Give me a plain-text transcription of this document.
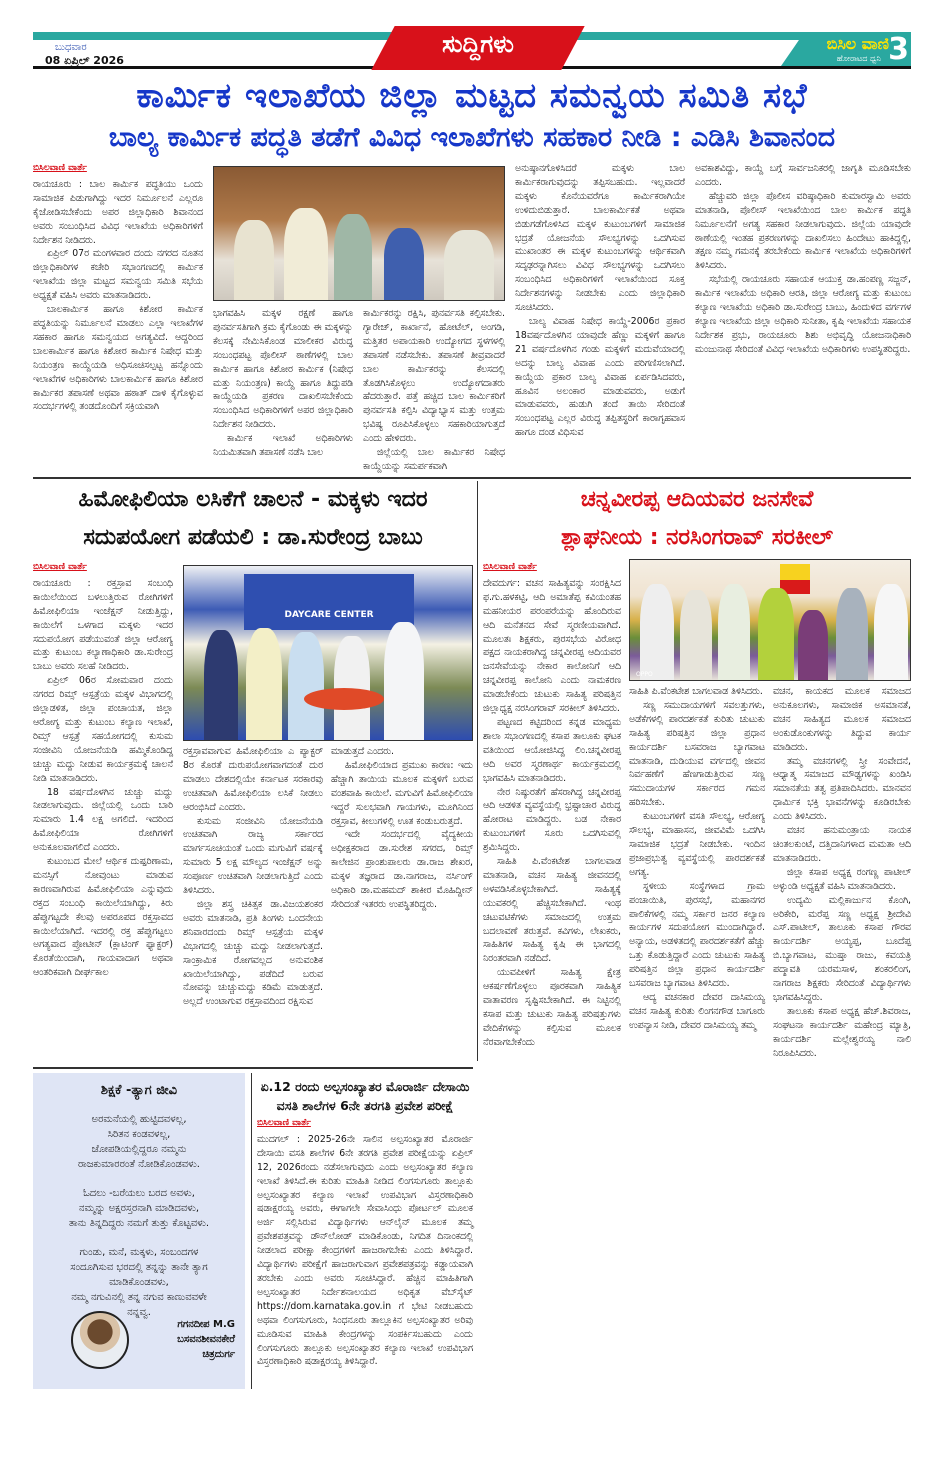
ಬುಧವಾರ
08 ಏಪ್ರಿಲ್ 2026
ಸುದ್ದಿಗಳು	ಬಿಸಿಲ ವಾಣಿ
ಹೋರಾಟದ ಧ್ವನಿ 3
ಕಾರ್ಮಿಕ ಇಲಾಖೆಯ ಜಿಲ್ಲಾ ಮಟ್ಟದ ಸಮನ್ವಯ ಸಮಿತಿ ಸಭೆ
ಬಾಲ್ಯ ಕಾರ್ಮಿಕ ಪದ್ಧತಿ ತಡೆಗೆ ವಿವಿಧ ಇಲಾಖೆಗಳು ಸಹಕಾರ ನೀಡಿ : ಎಡಿಸಿ ಶಿವಾನಂದ
ಬಿಸಿಲವಾಣಿ ವಾರ್ತೆ

ರಾಯಚೂರು : ಬಾಲ ಕಾರ್ಮಿಕ ಪದ್ಧತಿಯು ಒಂದು ಸಾಮಾಜಿಕ ಪಿಡುಗಾಗಿದ್ದು ಇದರ ನಿರ್ಮೂಲನೆ ಎಲ್ಲರೂ ಕೈಜೋಡಿಸಬೇಕೆಂದು ಅಪರ ಜಿಲ್ಲಾಧಿಕಾರಿ ಶಿವಾನಂದ ಅವರು ಸಂಬಂಧಿಸಿದ ವಿವಿಧ ಇಲಾಖೆಯ ಅಧಿಕಾರಿಗಳಿಗೆ ನಿರ್ದೇಶನ ನೀಡಿದರು.

ಏಪ್ರಿಲ್ 07ರ ಮಂಗಳವಾರ ದಂದು ನಗರದ ನೂತನ ಜಿಲ್ಲಾಧಿಕಾರಿಗಳ ಕಚೇರಿ ಸಭಾಂಗಣದಲ್ಲಿ ಕಾರ್ಮಿಕ ಇಲಾಖೆಯ ಜಿಲ್ಲಾ ಮಟ್ಟದ ಸಮನ್ವಯ ಸಮಿತಿ ಸಭೆಯ ಅಧ್ಯಕ್ಷತೆ ವಹಿಸಿ ಅವರು ಮಾತನಾಡಿದರು.

ಬಾಲಕಾರ್ಮಿಕ ಹಾಗೂ ಕಿಶೋರ ಕಾರ್ಮಿಕ ಪದ್ಧತಿಯನ್ನು ನಿರ್ಮೂಲನೆ ಮಾಡಲು ಎಲ್ಲಾ ಇಲಾಖೆಗಳ ಸಹಕಾರ ಹಾಗೂ ಸಮನ್ವಯದ ಅಗತ್ಯವಿದೆ. ಆದ್ದರಿಂದ ಬಾಲಕಾರ್ಮಿಕ ಹಾಗೂ ಕಿಶೋರ ಕಾರ್ಮಿಕ ನಿಷೇಧ ಮತ್ತು ನಿಯಂತ್ರಣ ಕಾಯ್ದೆಯಡಿ ಅಧಿಸೂಚಿಸಲ್ಪಟ್ಟ ಹನ್ನೊಂದು ಇಲಾಖೆಗಳ ಅಧಿಕಾರಿಗಳು ಬಾಲಕಾರ್ಮಿಕ ಹಾಗೂ ಕಿಶೋರ ಕಾರ್ಮಿಕರ ತಪಾಸಣೆ ಅಥವಾ ಹಠಾತ್ ದಾಳಿ ಕೈಗೊಳ್ಳುವ ಸಂದರ್ಭಗಳಲ್ಲಿ ತಂಡದೊಂದಿಗೆ ಸಕ್ರಿಯವಾಗಿ

ಭಾಗವಹಿಸಿ ಮಕ್ಕಳ ರಕ್ಷಣೆ ಹಾಗೂ ಪುನರ್ವಸತಿಗಾಗಿ ಕ್ರಮ ಕೈಗೊಂಡು ಈ ಮಕ್ಕಳನ್ನು ಕೆಲಸಕ್ಕೆ ನೇಮಿಸಿಕೊಂಡ ಮಾಲೀಕರ ವಿರುದ್ಧ ಸಂಬಂಧಪಟ್ಟ ಪೊಲೀಸ್ ಠಾಣೆಗಳಲ್ಲಿ ಬಾಲ ಕಾರ್ಮಿಕ ಹಾಗೂ ಕಿಶೋರ ಕಾರ್ಮಿಕ (ನಿಷೇಧ ಮತ್ತು ನಿಯಂತ್ರಣ) ಕಾಯ್ದೆ ಹಾಗೂ ತಿದ್ದುಪಡಿ ಕಾಯ್ದೆಯಡಿ ಪ್ರಕರಣ ದಾಖಲಿಸಬೇಕೆಂದು ಸಂಬಂಧಿಸಿದ ಅಧಿಕಾರಿಗಳಿಗೆ ಅಪರ ಜಿಲ್ಲಾಧಿಕಾರಿ ನಿರ್ದೇಶನ ನೀಡಿದರು.

ಕಾರ್ಮಿಕ ಇಲಾಖೆ ಅಧಿಕಾರಿಗಳು ನಿಯಮಿತವಾಗಿ ತಪಾಸಣೆ ನಡೆಸಿ ಬಾಲ

ಕಾರ್ಮಿಕರನ್ನು ರಕ್ಷಿಸಿ, ಪುನರ್ವಸತಿ ಕಲ್ಪಿಸಬೇಕು. ಗ್ಯಾರೇಜ್, ಕಾರ್ಖಾನೆ, ಹೋಟೆಲ್, ಅಂಗಡಿ, ಮತ್ತಿತರ ಅಪಾಯಕಾರಿ ಉದ್ಯೋಗದ ಸ್ಥಳಗಳಲ್ಲಿ ತಪಾಸಣೆ ನಡೆಸಬೇಕು. ತಪಾಸಣೆ ತೀವ್ರವಾದರೆ ಬಾಲ ಕಾರ್ಮಿಕರನ್ನು ಕೆಲಸದಲ್ಲಿ ತೊಡಗಿಸಿಕೊಳ್ಳಲು ಉದ್ಯೋಗದಾತರು ಹೆದರುತ್ತಾರೆ. ಪತ್ತೆ ಹಚ್ಚಿದ ಬಾಲ ಕಾರ್ಮಿಕರಿಗೆ ಪುನರ್ವಸತಿ ಕಲ್ಪಿಸಿ ವಿದ್ಯಾಭ್ಯಾಸ ಮತ್ತು ಉತ್ತಮ ಭವಿಷ್ಯ ರೂಪಿಸಿಕೊಳ್ಳಲು ಸಹಕಾರಿಯಾಗುತ್ತದೆ ಎಂದು ಹೇಳಿದರು.

ಜಿಲ್ಲೆಯಲ್ಲಿ ಬಾಲ ಕಾರ್ಮಿಕರ ನಿಷೇಧ ಕಾಯ್ದೆಯನ್ನು ಸಮರ್ಪಕವಾಗಿ

ಅನುಷ್ಠಾನಗೊಳಿಸಿದರೆ ಮಕ್ಕಳು ಬಾಲ ಕಾರ್ಮಿಕರಾಗುವುದನ್ನು ತಪ್ಪಿಸಬಹುದು. ಇಲ್ಲವಾದರೆ ಮಕ್ಕಳು ಕೊನೆಯವರೆಗೂ ಕಾರ್ಮಿಕರಾಗಿಯೇ ಉಳಿದುಬಿಡುತ್ತಾರೆ. ಬಾಲಕಾರ್ಮಿಕತೆ ಅಥವಾ ಬಿಡುಗಡೆಗೊಳಿಸಿದ ಮಕ್ಕಳ ಕುಟುಂಬಗಳಿಗೆ ಸಾಮಾಜಿಕ ಭದ್ರತೆ ಯೋಜನೆಯ ಸೌಲಭ್ಯಗಳನ್ನು ಒದಗಿಸುವ ಮುಖಾಂತರ ಈ ಮಕ್ಕಳ ಕುಟುಂಬಗಳನ್ನು ಆರ್ಥಿಕವಾಗಿ ಸದೃಢರನ್ನಾಗಿಸಲು ವಿವಿಧ ಸೌಲಭ್ಯಗಳನ್ನು ಒದಗಿಸಲು ಸಂಬಂಧಿಸಿದ ಅಧಿಕಾರಿಗಳಿಗೆ ಇಲಾಖೆಯಿಂದ ಸೂಕ್ತ ನಿರ್ದೇಶನಗಳನ್ನು ನೀಡಬೇಕು ಎಂದು ಜಿಲ್ಲಾಧಿಕಾರಿ ಸೂಚಿಸಿದರು.

ಬಾಲ್ಯ ವಿವಾಹ ನಿಷೇಧ ಕಾಯ್ದೆ-2006ರ ಪ್ರಕಾರ 18ವರ್ಷದೊಳಗಿನ ಯಾವುದೇ ಹೆಣ್ಣು ಮಕ್ಕಳಿಗೆ ಹಾಗೂ 21 ವರ್ಷದೊಳಗಿನ ಗಂಡು ಮಕ್ಕಳಿಗೆ ಮದುವೆಯಾದಲ್ಲಿ ಅದನ್ನು ಬಾಲ್ಯ ವಿವಾಹ ಎಂದು ಪರಿಗಣಿಸಲಾಗಿದೆ. ಕಾಯ್ದೆಯ ಪ್ರಕಾರ ಬಾಲ್ಯ ವಿವಾಹ ಏರ್ಪಡಿಸಿದವರು, ಹೂವಿನ ಅಲಂಕಾರ ಮಾಡುವವರು, ಅಡುಗೆ ಮಾಡುವವರು, ಹುಡುಗಿ ತಂದೆ ತಾಯಿ ಸೇರಿದಂತೆ ಸಂಬಂಧಪಟ್ಟ ಎಲ್ಲರ ವಿರುದ್ಧ ತಪ್ಪಿತಸ್ಥರಿಗೆ ಕಾರಾಗೃಹವಾಸ ಹಾಗೂ ದಂಡ ವಿಧಿಸುವ

ಅವಕಾಶವಿದ್ದು, ಕಾಯ್ದೆ ಬಗ್ಗೆ ಸಾರ್ವಜನಿಕರಲ್ಲಿ ಜಾಗೃತಿ ಮೂಡಿಸಬೇಕು ಎಂದರು.

ಹೆಚ್ಚುವರಿ ಜಿಲ್ಲಾ ಪೊಲೀಸ ವರಿಷ್ಠಾಧಿಕಾರಿ ಕುಮಾರಸ್ವಾಮಿ ಅವರು ಮಾತನಾಡಿ, ಪೊಲೀಸ್ ಇಲಾಖೆಯಿಂದ ಬಾಲ ಕಾರ್ಮಿಕ ಪದ್ಧತಿ ನಿರ್ಮೂಲನೆಗೆ ಅಗತ್ಯ ಸಹಕಾರ ನೀಡಲಾಗುವುದು. ಜಿಲ್ಲೆಯ ಯಾವುದೇ ಠಾಣೆಯಲ್ಲಿ ಇಂತಹ ಪ್ರಕರಣಗಳನ್ನು ದಾಖಲಿಸಲು ಹಿಂದೇಟು ಹಾಕಿದ್ದಲ್ಲಿ, ತಕ್ಷಣ ನಮ್ಮ ಗಮನಕ್ಕೆ ತರಬೇಕೆಂದು ಕಾರ್ಮಿಕ ಇಲಾಖೆಯ ಅಧಿಕಾರಿಗಳಿಗೆ ತಿಳಿಸಿದರು.

ಸಭೆಯಲ್ಲಿ ರಾಯಚೂರು ಸಹಾಯಕ ಆಯುಕ್ತ ಡಾ.ಹಂಪಣ್ಣ ಸಜ್ಜನ್, ಕಾರ್ಮಿಕ ಇಲಾಖೆಯ ಅಧಿಕಾರಿ ಆರತಿ, ಜಿಲ್ಲಾ ಆರೋಗ್ಯ ಮತ್ತು ಕುಟುಂಬ ಕಲ್ಯಾಣ ಇಲಾಖೆಯ ಅಧಿಕಾರಿ ಡಾ.ಸುರೇಂದ್ರ ಬಾಬು, ಹಿಂದುಳಿದ ವರ್ಗಗಳ ಕಲ್ಯಾಣ ಇಲಾಖೆಯ ಜಿಲ್ಲಾ ಅಧಿಕಾರಿ ಸುನೀತಾ, ಕೃಷಿ ಇಲಾಖೆಯ ಸಹಾಯಕ ನಿರ್ದೇಶಕ ಪ್ರಭು, ರಾಯಚೂರು ಶಿಶು ಅಭಿವೃದ್ಧಿ ಯೋಜನಾಧಿಕಾರಿ ಮಂಜುನಾಥ ಸೇರಿದಂತೆ ವಿವಿಧ ಇಲಾಖೆಯ ಅಧಿಕಾರಿಗಳು ಉಪಸ್ಥಿತರಿದ್ದರು.

ಹಿಮೋಫಿಲಿಯಾ ಲಸಿಕೆಗೆ ಚಾಲನೆ - ಮಕ್ಕಳು ಇದರ
ಸದುಪಯೋಗ ಪಡೆಯಲಿ : ಡಾ.ಸುರೇಂದ್ರ ಬಾಬು
ಬಿಸಿಲವಾಣಿ ವಾರ್ತೆ

ರಾಯಚೂರು : ರಕ್ತಸ್ರಾವ ಸಂಬಂಧಿ ಕಾಯಿಲೆಯಿಂದ ಬಳಲುತ್ತಿರುವ ರೋಗಿಗಳಿಗೆ ಹಿಮೋಫಿಲಿಯಾ ಇಂಜೆಕ್ಷನ್ ನೀಡುತ್ತಿದ್ದು, ಕಾಯಿಲೆಗೆ ಒಳಗಾದ ಮಕ್ಕಳು ಇದರ ಸದುಪಯೋಗ ಪಡೆಯುವಂತೆ ಜಿಲ್ಲಾ ಆರೋಗ್ಯ ಮತ್ತು ಕುಟುಂಬ ಕಲ್ಯಾಣಾಧಿಕಾರಿ ಡಾ.ಸುರೇಂದ್ರ ಬಾಬು ಅವರು ಸಲಹೆ ನೀಡಿದರು.

ಏಪ್ರಿಲ್ 06ರ ಸೋಮವಾರ ದಂದು ನಗರದ ರಿಮ್ಸ್ ಆಸ್ಪತ್ರೆಯ ಮಕ್ಕಳ ವಿಭಾಗದಲ್ಲಿ ಜಿಲ್ಲಾಡಳಿತ, ಜಿಲ್ಲಾ ಪಂಚಾಯತ, ಜಿಲ್ಲಾ ಆರೋಗ್ಯ ಮತ್ತು ಕುಟುಂಬ ಕಲ್ಯಾಣ ಇಲಾಖೆ, ರಿಮ್ಸ್ ಆಸ್ಪತ್ರೆ ಸಹಯೋಗದಲ್ಲಿ ಕುಸುಮ ಸಂಜೀವಿನಿ ಯೋಜನೆಯಡಿ ಹಮ್ಮಿಕೊಂಡಿದ್ದ ಚುಚ್ಚು ಮದ್ದು ನೀಡುವ ಕಾರ್ಯಕ್ರಮಕ್ಕೆ ಚಾಲನೆ ನೀಡಿ ಮಾತನಾಡಿದರು.

18 ವರ್ಷದೊಳಗಿನ ಚುಚ್ಚು ಮದ್ದು ನೀಡಲಾಗುವುದು. ಜಿಲ್ಲೆಯಲ್ಲಿ ಒಂದು ಬಾರಿ ಸುಮಾರು 1.4 ಲಕ್ಷ ಅಗಲಿದೆ. ಇದರಿಂದ ಹಿಮೋಫಿಲಿಯಾ ರೋಗಿಗಳಿಗೆ ಅನುಕೂಲವಾಗಲಿದೆ ಎಂದರು.

ಕುಟುಂಬದ ಮೇಲೆ ಆರ್ಥಿಕ ದುಷ್ಪರಿಣಾಮ, ಮನಸ್ಸಿಗೆ ನೋವುಂಟು ಮಾಡುವ ಕಾರಣವಾಗಿರುವ ಹಿಮೋಫಿಲಿಯಾ ಎನ್ನುವುದು ರಕ್ತದ ಸಂಬಂಧಿ ಕಾಯಿಲೆಯಾಗಿದ್ದು, ಕಿರು ಹೆಪ್ಪುಗಟ್ಟದೇ ಕೆಲವು ಅಪರೂಪದ ರಕ್ತಸ್ರಾವದ ಕಾಯಿಲೆಯಾಗಿದೆ. ಇದರಲ್ಲಿ ರಕ್ತ ಹೆಪ್ಪುಗಟ್ಟಲು ಅಗತ್ಯವಾದ ಪ್ರೋಟೀನ್ (ಕ್ಲಾಟಿಂಗ್ ಫ್ಯಾಕ್ಟರ್) ಕೊರತೆಯಿಂದಾಗಿ, ಗಾಯವಾದಾಗ ಅಥವಾ ಆಂತರಿಕವಾಗಿ ದೀರ್ಘಕಾಲ

DAYCARE CENTER

ರಕ್ತಸ್ರಾವವಾಗುವ ಹಿಮೋಫಿಲಿಯಾ ಎ ಪ್ಯಾಕ್ಟರ್ 8ರ ಕೊರತೆ ದುರುಪಯೋಗವಾಗದಂತೆ ದುರ ಮಾಡಲು ದೇಶದಲ್ಲಿಯೇ ಕರ್ನಾಟಕ ಸರಕಾರವು ಉಚಿತವಾಗಿ ಹಿಮೋಫಿಲಿಯಾ ಲಸಿಕೆ ನೀಡಲು ಆರಂಭಿಸಿದೆ ಎಂದರು.

ಕುಸುಮ ಸಂಜೀವಿನಿ ಯೋಜನೆಯಡಿ ಉಚಿತವಾಗಿ ರಾಜ್ಯ ಸರ್ಕಾರದ ಮಾರ್ಗಸೂಚಿಯಂತೆ ಒಂದು ಮಗುವಿಗೆ ವರ್ಷಕ್ಕೆ ಸುಮಾರು 5 ಲಕ್ಷ ಮೌಲ್ಯದ ಇಂಜೆಕ್ಷನ್ ಅನ್ನು ಸಂಪೂರ್ಣ ಉಚಿತವಾಗಿ ನೀಡಲಾಗುತ್ತಿದೆ ಎಂದು ತಿಳಿಸಿದರು.

ಜಿಲ್ಲಾ ಶಸ್ತ್ರ ಚಿಕಿತ್ಸಕ ಡಾ.ವಿಜಯಶಂಕರ ಅವರು ಮಾತನಾಡಿ, ಪ್ರತಿ ತಿಂಗಳು ಒಂದನೇಯ ಶನಿವಾರದಂದು ರಿಮ್ಸ್ ಆಸ್ಪತ್ರೆಯ ಮಕ್ಕಳ ವಿಭಾಗದಲ್ಲಿ ಚುಚ್ಚು ಮದ್ದು ನೀಡಲಾಗುತ್ತದೆ. ಸಾಂಕ್ರಾಮಿಕ ರೋಗವಲ್ಲದ ಅನುವಂಶಿಕ ಖಾಯಿಲೆಯಾಗಿದ್ದು, ಪಡೆದಿದೆ ಬರುವ ನೋವನ್ನು ಚುಚ್ಚುಮದ್ದು ಕಡಿಮೆ ಮಾಡುತ್ತದೆ. ಅಲ್ಲದೆ ಉಂಟಾಗುವ ರಕ್ತಸ್ರಾವದಿಂದ ರಕ್ಷಿಸುವ

ಮಾಡುತ್ತದೆ ಎಂದರು.

ಹಿಮೋಫಿಲಿಯಾದ ಪ್ರಮುಖ ಕಾರಣ: ಇದು ಹೆಚ್ಚಾಗಿ ತಾಯಿಯ ಮೂಲಕ ಮಕ್ಕಳಿಗೆ ಬರುವ ವಂಶವಾಹಿ ಕಾಯಿಲೆ. ಮಗುವಿಗೆ ಹಿಮೋಫಿಲಿಯಾ ಇದ್ದರೆ ಸುಲಭವಾಗಿ ಗಾಯಗಳು, ಮೂಗಿನಿಂದ ರಕ್ತಸ್ರಾವ, ಕೀಲುಗಳಲ್ಲಿ ಊತ ಕಂಡುಬರುತ್ತದೆ.

ಇದೇ ಸಂದರ್ಭದಲ್ಲಿ ವೈದ್ಯಕೀಯ ಅಧೀಕ್ಷಕರಾದ ಡಾ.ಸುರೇಶ ಸಗರದ, ರಿಮ್ಸ್ ಕಾಲೇಜಿನ ಪ್ರಾಂಶುಪಾಲರು ಡಾ.ರಾಜ ಶೇಖರ, ಮಕ್ಕಳ ತಜ್ಞರಾದ ಡಾ.ನಾಗರಾಜ, ನರ್ಸಿಂಗ್ ಅಧಿಕಾರಿ ಡಾ.ಮಹಮದ್ ಶಾಕೀರ ಮೊಹಿದ್ದೀನ್ ಸೇರಿದಂತೆ ಇತರರು ಉಪಸ್ಥಿತರಿದ್ದರು.

ಚನ್ನವೀರಪ್ಪ ಆದಿಯವರ ಜನಸೇವೆ
ಶ್ಲಾಘನೀಯ : ನರಸಿಂಗರಾವ್ ಸರಕೀಲ್
ಬಿಸಿಲವಾಣಿ ವಾರ್ತೆ

ದೇವದುರ್ಗ: ವಚನ ಸಾಹಿತ್ಯವನ್ನು ಸಂರಕ್ಷಿಸಿದ ಫ.ಗು.ಹಳಕಟ್ಟಿ, ಆದಿ ಅಮಾತೆಪ್ಪ ಕವಿಯಂತಹ ಮಹನೀಯರ ಪರಂಪರೆಯನ್ನು ಹೊಂದಿರುವ ಆದಿ ಮನೆತನದ ಸೇವೆ ಸ್ಮರಣೀಯವಾಗಿದೆ. ಮೂಲತಃ ಶಿಕ್ಷಕರು, ಪುರಸಭೆಯ ವಿರೋಧ ಪಕ್ಷದ ನಾಯಕರಾಗಿದ್ದ ಚನ್ನವೀರಪ್ಪ ಆದಿಯವರ ಜನಸೇವೆಯನ್ನು ನೇಕಾರ ಕಾಲೋನಿಗೆ ಆದಿ ಚನ್ನವೀರಪ್ಪ ಕಾಲೋನಿ ಎಂದು ನಾಮಕರಣ ಮಾಡಬೇಕೆಂದು ಚುಟುಕು ಸಾಹಿತ್ಯ ಪರಿಷತ್ತಿನ ಜಿಲ್ಲಾಧ್ಯಕ್ಷ ನರಸಿಂಗರಾವ್ ಸರಕೀಲ್ ತಿಳಿಸಿದರು.

ಪಟ್ಟಣದ ಕಟ್ಟಿದರಿಂದ ಕನ್ನಡ ಮಾಧ್ಯಮ ಶಾಲಾ ಸಭಾಂಗಣದಲ್ಲಿ ಕಸಾಪ ತಾಲೂಕು ಘಟಕ ವತಿಯಿಂದ ಆಯೋಜಿಸಿದ್ದ ಲಿಂ.ಚನ್ನವೀರಪ್ಪ ಆದಿ ಅವರ ಸ್ಮರಣಾರ್ಥ ಕಾರ್ಯಕ್ರಮದಲ್ಲಿ ಭಾಗವಹಿಸಿ ಮಾತನಾಡಿದರು.

ನೇರ ನಿಷ್ಠುರತೆಗೆ ಹೆಸರಾಗಿದ್ದ ಚನ್ನವೀರಪ್ಪ ಆದಿ ಆಡಳಿತ ವ್ಯವಸ್ಥೆಯಲ್ಲಿ ಭ್ರಷ್ಟಾಚಾರ ವಿರುದ್ಧ ಹೋರಾಟ ಮಾಡಿದ್ದರು. ಬಡ ನೇಕಾರ ಕುಟುಂಬಗಳಿಗೆ ಸೂರು ಒದಗಿಸುವಲ್ಲಿ ಶ್ರಮಿಸಿದ್ದರು.

ಸಾಹಿತಿ ಪಿ.ವೆಂಕಟೇಶ ಬಾಗಲವಾಡ ಮಾತನಾಡಿ, ವಚನ ಸಾಹಿತ್ಯ ಜೀವನದಲ್ಲಿ ಅಳವಡಿಸಿಕೊಳ್ಳಬೇಕಾಗಿದೆ. ಸಾಹಿತ್ಯಕ್ಕೆ ಯುವಕರಲ್ಲಿ ಹೆಚ್ಚಿಸಬೇಕಾಗಿದೆ. ಇಂಥ ಚಟುವಟಿಕೆಗಳು ಸಮಾಜದಲ್ಲಿ ಉತ್ತಮ ಬದಲಾವಣೆ ತರುತ್ತವೆ. ಕವಿಗಳು, ಲೇಖಕರು, ಸಾಹಿತಿಗಳ ಸಾಹಿತ್ಯ ಕೃಷಿ ಈ ಭಾಗದಲ್ಲಿ ನಿರಂತರವಾಗಿ ನಡೆದಿದೆ.

ಯುವಪೀಳಿಗೆ ಸಾಹಿತ್ಯ ಕ್ಷೇತ್ರ ಆಕರ್ಷಣೆಗೊಳ್ಳಲು ಪೂರಕವಾಗಿ ಸಾಹಿತ್ಯಿಕ ವಾತಾವರಣ ಸೃಷ್ಟಿಸಬೇಕಾಗಿದೆ. ಈ ನಿಟ್ಟಿನಲ್ಲಿ ಕಸಾಪ ಮತ್ತು ಚುಟುಕು ಸಾಹಿತ್ಯ ಪರಿಷತ್ತುಗಳು ವೇದಿಕೆಗಳನ್ನು ಕಲ್ಪಿಸುವ ಮೂಲಕ ನೆರವಾಗಬೇಕೆಂದು

OPPO

ಸಾಹಿತಿ ಪಿ.ವೆಂಕಟೇಶ ಬಾಗಲವಾಡ ತಿಳಿಸಿದರು.

ಸಣ್ಣ ಸಮುದಾಯಗಳಿಗೆ ಸವಲತ್ತುಗಳು, ಅಡೆಕೆಗಳಲ್ಲಿ ಪಾರದರ್ಶಕತೆ ಕುರಿತು ಚುಟುಕು ಸಾಹಿತ್ಯ ಪರಿಷತ್ತಿನ ಜಿಲ್ಲಾ ಪ್ರಧಾನ ಕಾರ್ಯದರ್ಶಿ ಬಸವರಾಜ ಬ್ಯಾಗವಾಟ ಮಾತನಾಡಿ, ದುಡಿಯುವ ವರ್ಗದಲ್ಲಿ ಜೀವನ ನಿರ್ವಹಣೆಗೆ ಹೆಣಗಾಡುತ್ತಿರುವ ಸಣ್ಣ ಸಮುದಾಯಗಳ ಸರ್ಕಾರದ ಗಮನ ಹರಿಸಬೇಕು.

ಕುಟುಂಬಗಳಿಗೆ ವಸತಿ ಸೌಲಭ್ಯ, ಆರೋಗ್ಯ ಸೌಲಭ್ಯ, ಮಾಹಾಸನ, ಜೀವವಿಮೆ ಒದಗಿಸಿ ಸಾಮಾಜಿಕ ಭದ್ರತೆ ನೀಡಬೇಕು. ಇಂದಿನ ಪ್ರಜಾಪ್ರಭುತ್ವ ವ್ಯವಸ್ಥೆಯಲ್ಲಿ ಪಾರದರ್ಶಕತೆ ಅಗತ್ಯ.

ಸ್ಥಳೀಯ ಸಂಸ್ಥೆಗಳಾದ ಗ್ರಾಮ ಪಂಚಾಯಿತಿ, ಪುರಸಭೆ, ಮಹಾನಗರ ಪಾಲಿಕೆಗಳಲ್ಲಿ ನಮ್ಮ ಸರ್ಕಾರ ಜನರ ಕಲ್ಯಾಣ ಕಾರ್ಯಗಳ ಸದುಪಯೋಗ ಮುಂದಾಗಿದ್ದಾರೆ. ಅನ್ಯಾಯ, ಅಡಳಿತದಲ್ಲಿ ಪಾರದರ್ಶಕತೆಗೆ ಹೆಚ್ಚು ಒತ್ತು ಕೊಡುತ್ತಿದ್ದಾರೆ ಎಂದು ಚುಟುಕು ಸಾಹಿತ್ಯ ಪರಿಷತ್ತಿನ ಜಿಲ್ಲಾ ಪ್ರಧಾನ ಕಾರ್ಯದರ್ಶಿ ಬಸವರಾಜ ಬ್ಯಾಗವಾಟ ತಿಳಿಸಿದರು.

ಆದ್ಯ ವಚನಕಾರ ದೇವರ ದಾಸಿಮಯ್ಯ ವಚನ ಸಾಹಿತ್ಯ ಕುರಿತು ಲಿಂಗನಗೌಡ ಬಾಗೂರು ಉಪನ್ಯಾಸ ನೀಡಿ, ದೇವರ ದಾಸಿಮಯ್ಯ ತಮ್ಮ

ವಚನ, ಕಾಯಕದ ಮೂಲಕ ಸಮಾಜದ ಅನುಕೂಲಗಳು, ಸಾಮಾಜಿಕ ಅಸಮಾನತೆ, ವಚನ ಸಾಹಿತ್ಯದ ಮೂಲಕ ಸಮಾಜದ ಅಂಕುಡೊಂಕುಗಳನ್ನು ತಿದ್ದುವ ಕಾರ್ಯ ಮಾಡಿದರು.

ತಮ್ಮ ವಚನಗಳಲ್ಲಿ ಸ್ತ್ರೀ ಸಂವೇದನೆ, ಆಧ್ಯಾತ್ಮ ಸಮಾಜದ ಮೌಢ್ಯಗಳನ್ನು ಖಂಡಿಸಿ ಸಮಾನತೆಯ ತತ್ವ ಪ್ರತಿಪಾದಿಸಿದರು. ಮಾನವನ ಧಾರ್ಮಿಕ ಭಕ್ತಿ ಭಾವನೆಗಳನ್ನು ಕೂಡಿರಬೇಕು ಎಂದು ತಿಳಿಸಿದರು.

ವಚನ ಹನುಮಂತ್ರಾಯ ನಾಯಕ ಚಿಂತಲಕುಂಟೆ, ದತ್ತಿದಾನಿಗಳಾದ ಮಮತಾ ಆದಿ ಮಾತನಾಡಿದರು.

ಜಿಲ್ಲಾ ಕಸಾಪ ಅಧ್ಯಕ್ಷ ರಂಗಣ್ಣ ಪಾಟೀಲ್ ಅಳ್ಳುಂಡಿ ಅಧ್ಯಕ್ಷತೆ ವಹಿಸಿ ಮಾತನಾಡಿದರು.

ಉದ್ಯಮಿ ಮಲ್ಲಿಕಾರ್ಜುನ ಕೊಂಗಿ, ಅರಿಕೇರಿ, ಮರೆಪ್ಪ ಸಣ್ಣ ಅಧ್ಯಕ್ಷ ಶ್ರೀದೇವಿ ಎಸ್.ಪಾಟೀಲ್, ತಾಲೂಕು ಕಸಾಪ ಗೌರವ ಕಾರ್ಯದರ್ಶಿ ಅಯ್ಯಪ್ಪ, ಬೂದೆಪ್ಪ ಬಿ.ಬ್ಯಾಗವಾಟ, ಮುಷ್ತಾ ರಾಜು, ಕವಯತ್ರಿ ಪದ್ಮಾವತಿ ಯರಮಸಾಳ, ಶಂಕರಲಿಂಗ, ನಾಗರಾಜ ಶಿಕ್ಷಕರು ಸೇರಿದಂತೆ ವಿದ್ಯಾರ್ಥಿಗಳು ಭಾಗವಹಿಸಿದ್ದರು.

ತಾಲೂಕು ಕಸಾಪ ಅಧ್ಯಕ್ಷ ಹೆಚ್.ಶಿವರಾಜ, ಸಂಘಟನಾ ಕಾರ್ಯದರ್ಶಿ ಮಹೇಂದ್ರ ಮ್ಯಾತ್ರಿ, ಕಾರ್ಯದರ್ಶಿ ಮಲ್ಲೇಶ್ವರಯ್ಯ ನಾಲಿ ನಿರೂಪಿಸಿದರು.

ಶಿಕ್ಷಕೆ -ತ್ಯಾಗ ಜೀವಿ
ಅರಮನೆಯಲ್ಲಿ ಹುಟ್ಟಿದವಳಲ್ಲ,
ಸಿರಿತನ ಕಂಡವಳಲ್ಲ,
ಜೋಪಡಿಯಲ್ಲಿದ್ದರೂ ನಮ್ಮನು
ರಾಜಕುಮಾರರಂತೆ ನೋಡಿಕೊಂಡವಳು.
ಓದಲು -ಬರೆಯಲು ಬರದ ಅವಳು,
ನಮ್ಮನ್ನು ಅಕ್ಷರಸ್ತರನಾಗಿ ಮಾಡಿದವಳು,
ತಾನು ತಿನ್ನದಿದ್ದರು ನಮಗೆ ತುತ್ತು ಕೊಟ್ಟವಳು.
ಗುಂಡು, ಮನೆ, ಮಕ್ಕಳು, ಸಂಬಂದಗಳ
ಸಂದೂಗಿಸುವ ಭರದಲ್ಲಿ ತನ್ನನ್ನು ತಾನೇ ತ್ಯಾಗ
ಮಾಡಿಕೊಂಡವಳು,
ನಮ್ಮ ನಗುವಿನಲ್ಲಿ ತನ್ನ ನಗುವ ಕಾಣುವವಳೇ
ನನ್ನವ್ವ.
ಗಗನದೀಪ M.G
ಬಸವನಶೀವನಕೇರೆ
ಚಿತ್ರದುರ್ಗ
ಏ.12 ರಂದು ಅಲ್ಪಸಂಖ್ಯಾತರ ಮೊರಾರ್ಜಿ ದೇಸಾಯಿ
ವಸತಿ ಶಾಲೆಗಳ 6ನೇ ತರಗತಿ ಪ್ರವೇಶ ಪರೀಕ್ಷೆ
ಬಿಸಿಲವಾಣಿ ವಾರ್ತೆ

ಮುದಗಲ್ : 2025-26ನೇ ಸಾಲಿನ ಅಲ್ಪಸಂಖ್ಯಾತರ ಮೊರಾರ್ಜಿ ದೇಸಾಯಿ ವಸತಿ ಶಾಲೆಗಳ 6ನೇ ತರಗತಿ ಪ್ರವೇಶ ಪರೀಕ್ಷೆಯನ್ನು ಏಪ್ರಿಲ್ 12, 2026ರಂದು ನಡೆಸಲಾಗುವುದು ಎಂದು ಅಲ್ಪಸಂಖ್ಯಾತರ ಕಲ್ಯಾಣ ಇಲಾಖೆ ತಿಳಿಸಿದೆ.ಈ ಕುರಿತು ಮಾಹಿತಿ ನೀಡಿದ ಲಿಂಗಸುಗೂರು ತಾಲ್ಲೂಕು ಅಲ್ಪಸಂಖ್ಯಾತರ ಕಲ್ಯಾಣ ಇಲಾಖೆ ಉಪವಿಭಾಗ ವಿಸ್ತರಣಾಧಿಕಾರಿ ಷಡಾಕ್ಷರಯ್ಯ ಅವರು, ಈಗಾಗಲೇ ಸೇವಾಸಿಂಧು ಪೋರ್ಟಲ್ ಮೂಲಕ ಅರ್ಜಿ ಸಲ್ಲಿಸಿರುವ ವಿದ್ಯಾರ್ಥಿಗಳು ಆನ್‌ಲೈನ್ ಮೂಲಕ ತಮ್ಮ ಪ್ರವೇಶಪತ್ರವನ್ನು ಡೌನ್‌ಲೋಡ್ ಮಾಡಿಕೊಂಡು, ನಿಗದಿತ ದಿನಾಂಕದಲ್ಲಿ ನೀಡಲಾದ ಪರೀಕ್ಷಾ ಕೇಂದ್ರಗಳಿಗೆ ಹಾಜರಾಗಬೇಕು ಎಂದು ತಿಳಿಸಿದ್ದಾರೆ. ವಿದ್ಯಾರ್ಥಿಗಳು ಪರೀಕ್ಷೆಗೆ ಹಾಜರಾಗುವಾಗ ಪ್ರವೇಶಪತ್ರವನ್ನು ಕಡ್ಡಾಯವಾಗಿ ತರಬೇಕು ಎಂದು ಅವರು ಸೂಚಿಸಿದ್ದಾರೆ. ಹೆಚ್ಚಿನ ಮಾಹಿತಿಗಾಗಿ ಅಲ್ಪಸಂಖ್ಯಾತರ ನಿರ್ದೇಶನಾಲಯದ ಅಧಿಕೃತ ವೆಬ್‌ಸೈಟ್ https://dom.karnataka.gov.in ಗೆ ಭೇಟಿ ನೀಡಬಹುದು ಅಥವಾ ಲಿಂಗಸುಗೂರು, ಸಿಂಧನೂರು ತಾಲ್ಲೂಕಿನ ಅಲ್ಪಸಂಖ್ಯಾತರ ಅರಿವು ಮೂಡಿಸುವ ಮಾಹಿತಿ ಕೇಂದ್ರಗಳನ್ನು ಸಂಪರ್ಕಿಸಬಹುದು ಎಂದು ಲಿಂಗಸುಗೂರು ತಾಲ್ಲೂಕು ಅಲ್ಪಸಂಖ್ಯಾತರ ಕಲ್ಯಾಣ ಇಲಾಖೆ ಉಪವಿಭಾಗ ವಿಸ್ತರಣಾಧಿಕಾರಿ ಷಡಾಕ್ಷರಯ್ಯ ತಿಳಿಸಿದ್ದಾರೆ.
